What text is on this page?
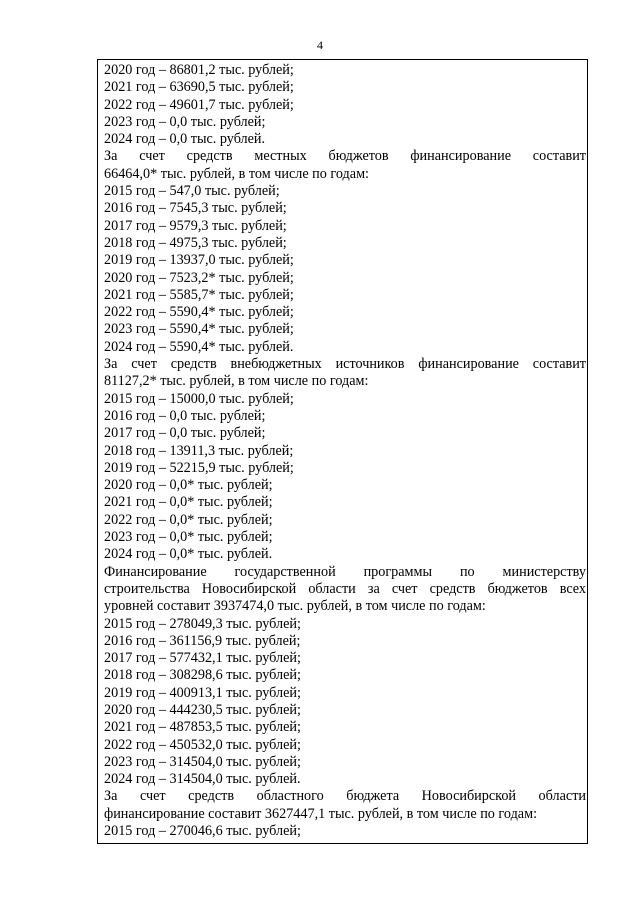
4
2020 год – 86801,2 тыс. рублей;
2021 год – 63690,5 тыс. рублей;
2022 год – 49601,7 тыс. рублей;
2023 год – 0,0 тыс. рублей;
2024 год – 0,0 тыс. рублей.
За счет средств местных бюджетов финансирование составит
66464,0* тыс. рублей, в том числе по годам:
2015 год – 547,0 тыс. рублей;
2016 год – 7545,3 тыс. рублей;
2017 год – 9579,3 тыс. рублей;
2018 год – 4975,3 тыс. рублей;
2019 год – 13937,0 тыс. рублей;
2020 год – 7523,2* тыс. рублей;
2021 год – 5585,7* тыс. рублей;
2022 год – 5590,4* тыс. рублей;
2023 год – 5590,4* тыс. рублей;
2024 год – 5590,4* тыс. рублей.
За счет средств внебюджетных источников финансирование составит
81127,2* тыс. рублей, в том числе по годам:
2015 год – 15000,0 тыс. рублей;
2016 год – 0,0 тыс. рублей;
2017 год – 0,0 тыс. рублей;
2018 год – 13911,3 тыс. рублей;
2019 год – 52215,9 тыс. рублей;
2020 год – 0,0* тыс. рублей;
2021 год – 0,0* тыс. рублей;
2022 год – 0,0* тыс. рублей;
2023 год – 0,0* тыс. рублей;
2024 год – 0,0* тыс. рублей.
Финансирование государственной программы по министерству
строительства Новосибирской области за счет средств бюджетов всех
уровней составит 3937474,0 тыс. рублей, в том числе по годам:
2015 год – 278049,3 тыс. рублей;
2016 год – 361156,9 тыс. рублей;
2017 год – 577432,1 тыс. рублей;
2018 год – 308298,6 тыс. рублей;
2019 год – 400913,1 тыс. рублей;
2020 год – 444230,5 тыс. рублей;
2021 год – 487853,5 тыс. рублей;
2022 год – 450532,0 тыс. рублей;
2023 год – 314504,0 тыс. рублей;
2024 год – 314504,0 тыс. рублей.
За счет средств областного бюджета Новосибирской области
финансирование составит 3627447,1 тыс. рублей, в том числе по годам:
2015 год – 270046,6 тыс. рублей;
